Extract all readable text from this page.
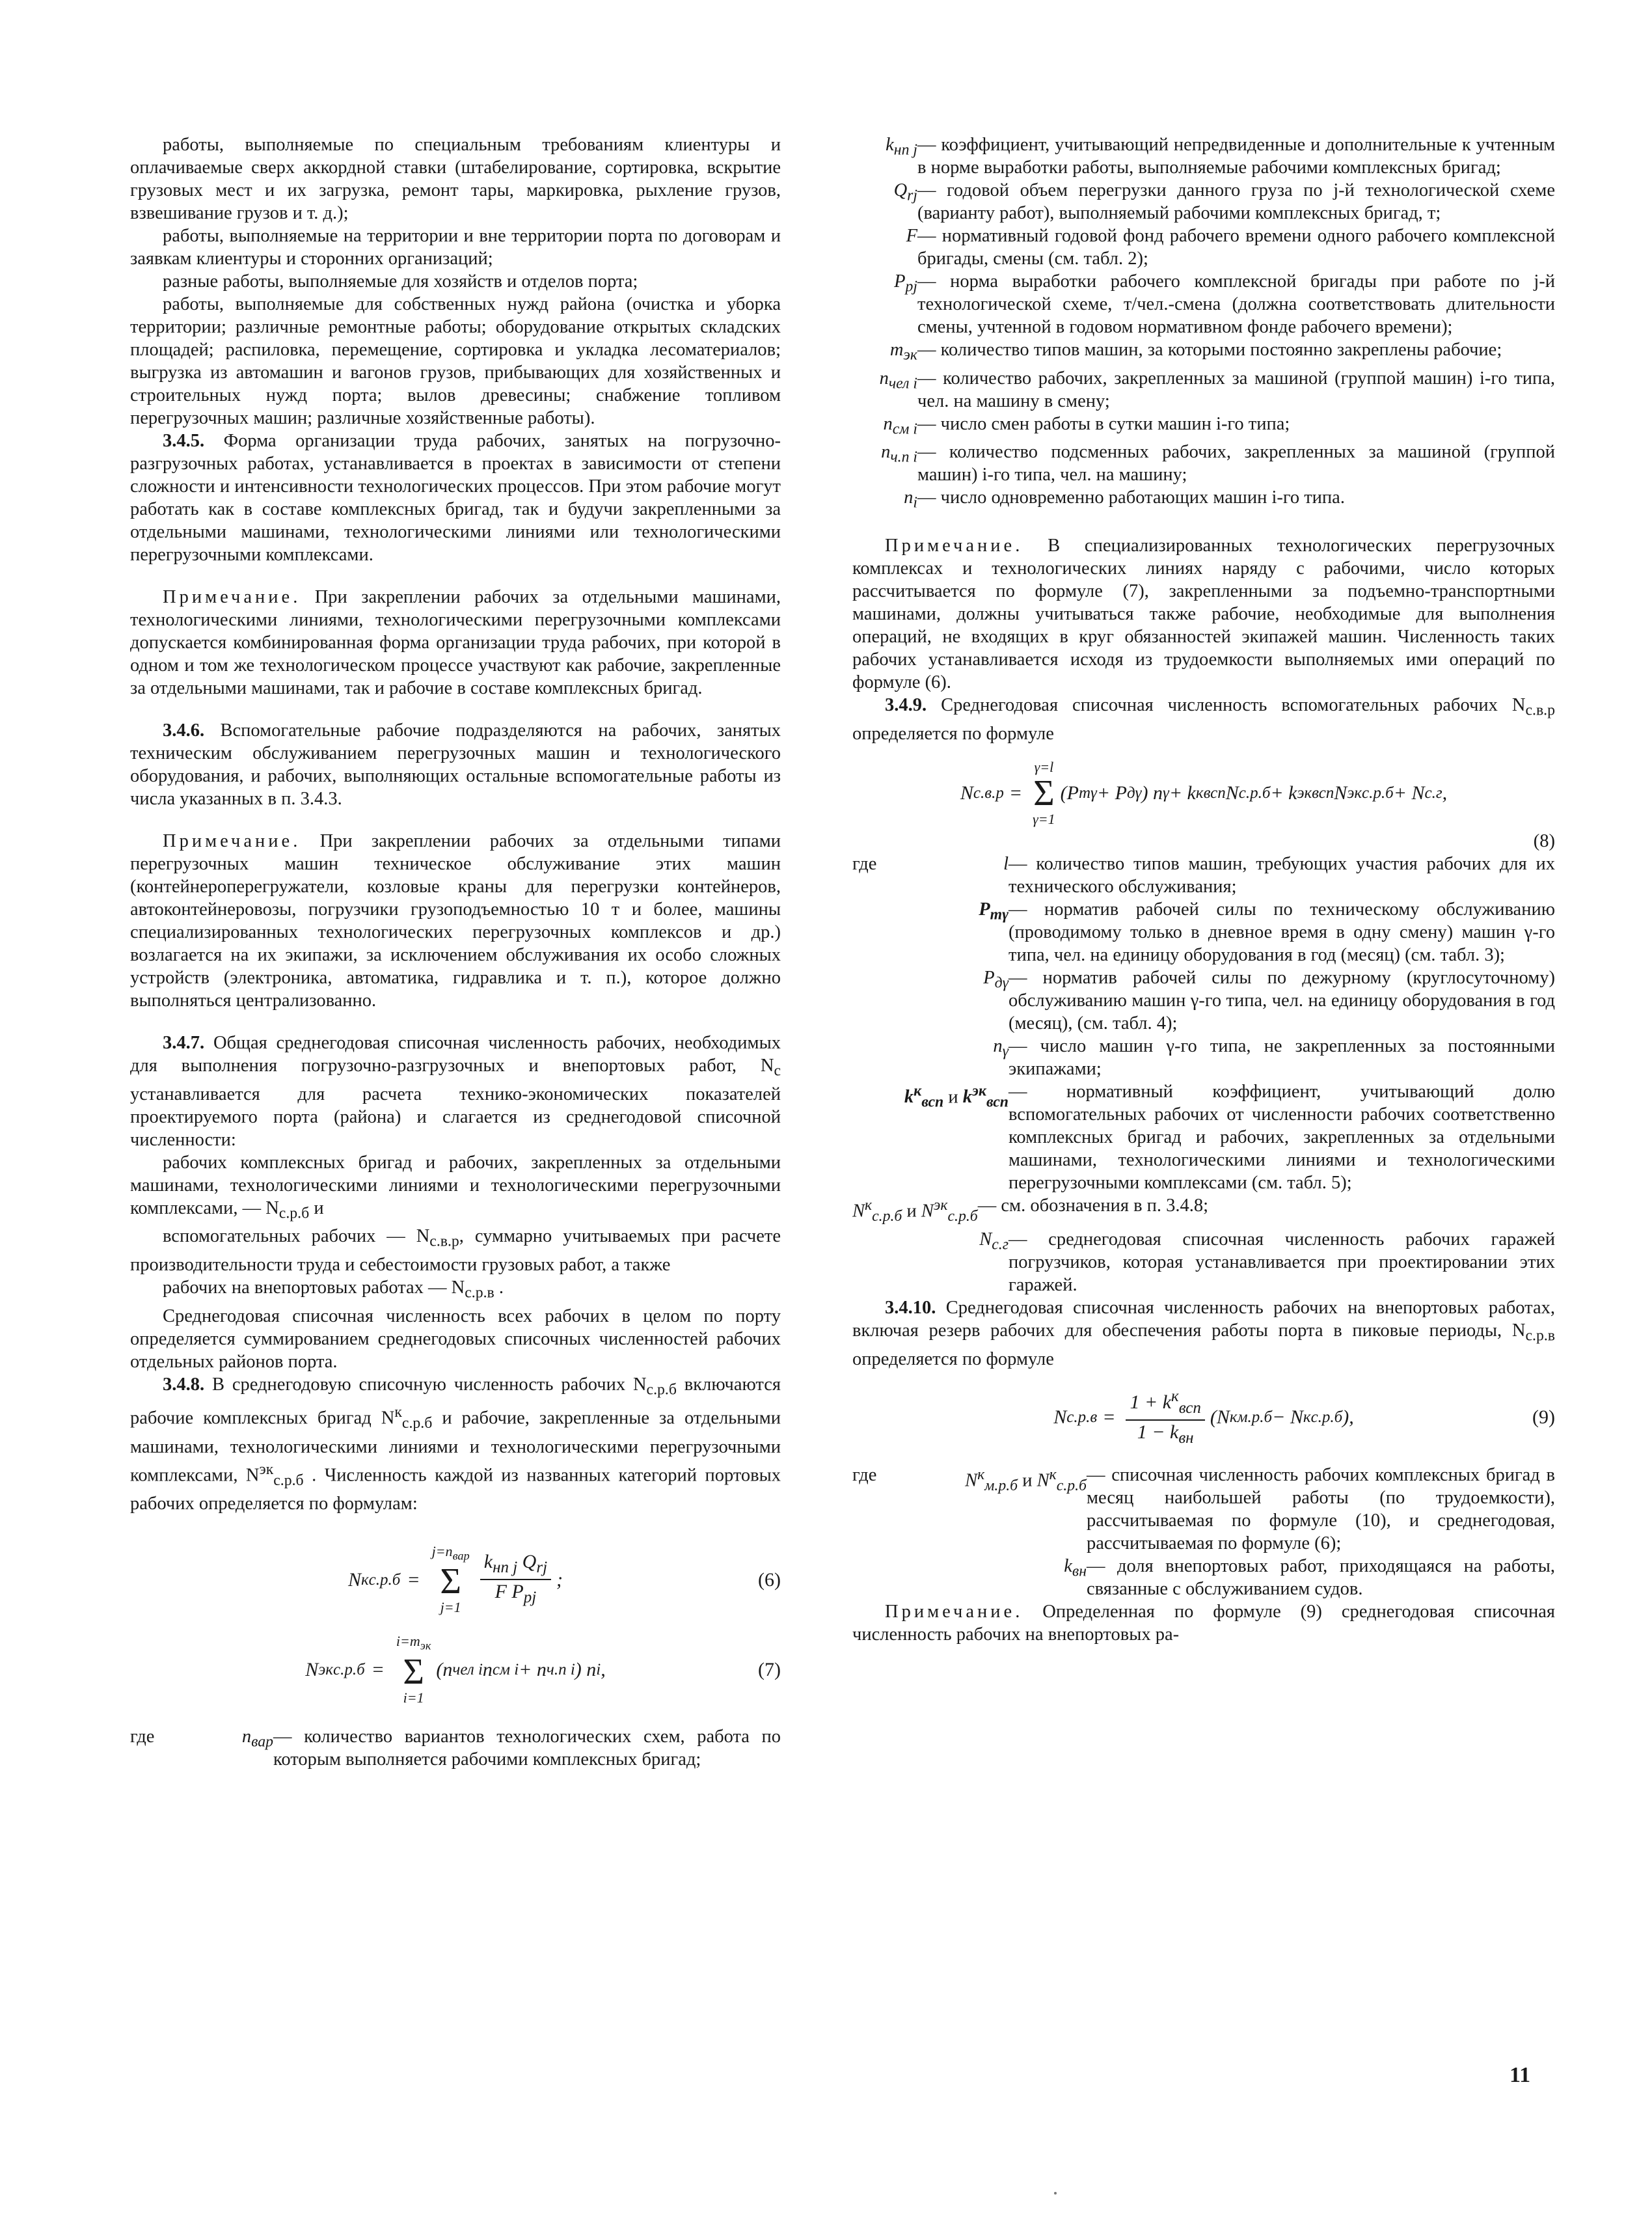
работы, выполняемые по специальным требованиям клиентуры и оплачиваемые сверх аккордной ставки (штабелирование, сортировка, вскрытие грузовых мест и их загрузка, ремонт тары, маркировка, рыхление грузов, взвешивание грузов и т. д.);

работы, выполняемые на территории и вне территории порта по договорам и заявкам клиентуры и сторонних организаций;

разные работы, выполняемые для хозяйств и отделов порта;

работы, выполняемые для собственных нужд района (очистка и уборка территории; различные ремонтные работы; оборудование открытых складских площадей; распиловка, перемещение, сортировка и укладка лесоматериалов; выгрузка из автомашин и вагонов грузов, прибывающих для хозяйственных и строительных нужд порта; вылов древесины; снабжение топливом перегрузочных машин; различные хозяйственные работы).

3.4.5. Форма организации труда рабочих, занятых на погрузочно-разгрузочных работах, устанавливается в проектах в зависимости от степени сложности и интенсивности технологических процессов. При этом рабочие могут работать как в составе комплексных бригад, так и будучи закрепленными за отдельными машинами, технологическими линиями или технологическими перегрузочными комплексами.

Примечание. При закреплении рабочих за отдельными машинами, технологическими линиями, технологическими перегрузочными комплексами допускается комбинированная форма организации труда рабочих, при которой в одном и том же технологическом процессе участвуют как рабочие, закрепленные за отдельными машинами, так и рабочие в составе комплексных бригад.

3.4.6. Вспомогательные рабочие подразделяются на рабочих, занятых техническим обслуживанием перегрузочных машин и технологического оборудования, и рабочих, выполняющих остальные вспомогательные работы из числа указанных в п. 3.4.3.

Примечание. При закреплении рабочих за отдельными типами перегрузочных машин техническое обслуживание этих машин (контейнероперегружатели, козловые краны для перегрузки контейнеров, автоконтейнеровозы, погрузчики грузоподъемностью 10 т и более, машины специализированных технологических перегрузочных комплексов и др.) возлагается на их экипажи, за исключением обслуживания их особо сложных устройств (электроника, автоматика, гидравлика и т. п.), которое должно выполняться централизованно.

3.4.7. Общая среднегодовая списочная численность рабочих, необходимых для выполнения погрузочно-разгрузочных и внепортовых работ, $N_с$ устанавливается для расчета технико-экономических показателей проектируемого порта (района) и слагается из среднегодовой списочной численности:

рабочих комплексных бригад и рабочих, закрепленных за отдельными машинами, технологическими линиями и технологическими перегрузочными комплексами, — $N_{с.р.б}$ и

вспомогательных рабочих — $N_{с.в.р}$, суммарно учитываемых при расчете производительности труда и себестоимости грузовых работ, а также

рабочих на внепортовых работах — $N_{с.р.в}$ .

Среднегодовая списочная численность всех рабочих в целом по порту определяется суммированием среднегодовых списочных численностей рабочих отдельных районов порта.

3.4.8. В среднегодовую списочную численность рабочих $N_{с.р.б}$ включаются рабочие комплексных бригад $N^к_{с.р.б}$ и рабочие, закрепленные за отдельными машинами, технологическими линиями и технологическими перегрузочными комплексами, $N^{эк}_{с.р.б}$ . Численность каждой из названных категорий портовых рабочих определяется по формулам:

N к с.р.б =
$j=n_{вар}$
Σ
$j=1 \frac{k_{нп j} Q_{rj}}{F P_{pj}}$ ;	(6)
N эк с.р.б =
$i=m_{эк}$
Σ
i=1
(n чел i n см i + n ч.п i ) n i ,	(7)
где	$n_{вар}$ — количество вариантов технологических схем, работа по которым выполняется рабочими комплексных бригад;
$k_{нп j}$ — коэффициент, учитывающий непредвиденные и дополнительные к учтенным в норме выработки работы, выполняемые рабочими комплексных бригад;
$Q_{rj}$ — годовой объем перегрузки данного груза по j-й технологической схеме (варианту работ), выполняемый рабочими комплексных бригад, т;
F — нормативный годовой фонд рабочего времени одного рабочего комплексной бригады, смены (см. табл. 2);
$P_{pj}$ — норма выработки рабочего комплексной бригады при работе по j-й технологической схеме, т/чел.-смена (должна соответствовать длительности смены, учтенной в годовом нормативном фонде рабочего времени);
$m_{эк}$ — количество типов машин, за которыми постоянно закреплены рабочие;
$n_{чел i}$ — количество рабочих, закрепленных за машиной (группой машин) i-го типа, чел. на машину в смену;
$n_{см i}$ — число смен работы в сутки машин i-го типа;
$n_{ч.п i}$ — количество подсменных рабочих, закрепленных за машиной (группой машин) i-го типа, чел. на машину;
$n_i$ — число одновременно работающих машин i-го типа.

Примечание. В специализированных технологических перегрузочных комплексах и технологических линиях наряду с рабочими, число которых рассчитывается по формуле (7), закрепленными за подъемно-транспортными машинами, должны учитываться также рабочие, необходимые для выполнения операций, не входящих в круг обязанностей экипажей машин. Численность таких рабочих устанавливается исходя из трудоемкости выполняемых ими операций по формуле (6).

3.4.9. Среднегодовая списочная численность вспомогательных рабочих $N_{с.в.р}$ определяется по формуле

N с.в.р =
γ=l
Σ
γ=1
(P тγ + P дγ ) n γ + k к всп N с.р.б + k эк всп N эк с.р.б + N с.г ,

(8)

где	l — количество типов машин, требующих участия рабочих для их технического обслуживания;
$P_{т\gamma}$ — норматив рабочей силы по техническому обслуживанию (проводимому только в дневное время в одну смену) машин γ-го типа, чел. на единицу оборудования в год (месяц) (см. табл. 3);
$P_{д\gamma}$ — норматив рабочей силы по дежурному (круглосуточному) обслуживанию машин γ-го типа, чел. на единицу оборудования в год (месяц), (см. табл. 4);
$n_\gamma$ — число машин γ-го типа, не закрепленных за постоянными экипажами;
$k^к_{всп}$ и $k^{эк}_{всп}$
— нормативный коэффициент, учитывающий долю вспомогательных рабочих от численности рабочих соответственно комплексных бригад и рабочих, закрепленных за отдельными машинами, технологическими линиями и технологическими перегрузочными комплексами (см. табл. 5);
$N^к_{с.р.б}$ и $N^{эк}_{с.р.б}$
— см. обозначения в п. 3.4.8;
$N_{с.г}$ — среднегодовая списочная численность рабочих гаражей погрузчиков, которая устанавливается при проектировании этих гаражей.

3.4.10. Среднегодовая списочная численность рабочих на внепортовых работах, включая резерв рабочих для обеспечения работы порта в пиковые периоды, $N_{с.р.в}$ определяется по формуле

N $с.р.в = \frac{1 + k^к_{всп}}{1 - k_{вн}} (N$ к м.р.б − N к с.р.б ),	(9)
где	$N^к_{м.р.б}$ и $N^к_{с.р.б}$
— списочная численность рабочих комплексных бригад в месяц наибольшей работы (по трудоемкости), рассчитываемая по формуле (10), и среднегодовая, рассчитываемая по формуле (6);
$k_{вн}$ — доля внепортовых работ, приходящаяся на работы, связанные с обслуживанием судов.

Примечание. Определенная по формуле (9) среднегодовая списочная численность рабочих на внепортовых ра-

11
